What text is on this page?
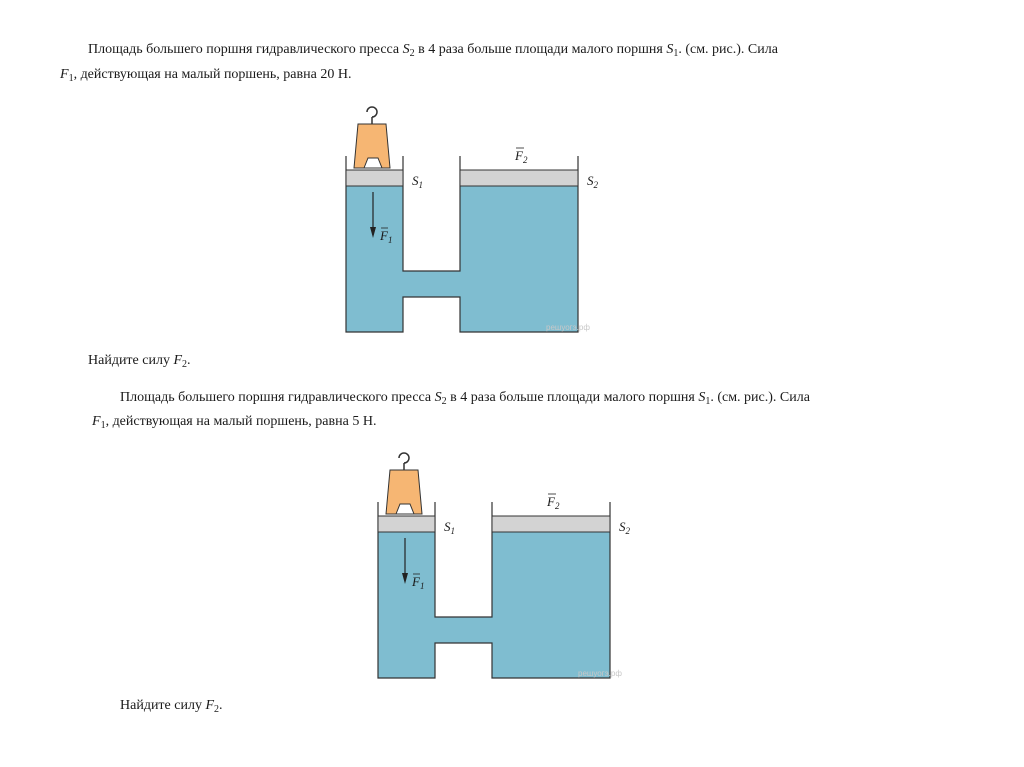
Площадь большего поршня гидравлического пресса $S_2$ в 4 раза больше площади малого поршня $S_1$. (см. рис.). Сила
$F_1$, действующая на малый поршень, равна 20 Н.
$F_1$
$S_1$	$S_2$
$F_2$
решуогэ.рф
Найдите силу $F_2$.
Площадь большего поршня гидравлического пресса $S_2$ в 4 раза больше площади малого поршня $S_1$. (см. рис.). Сила
$F_1$, действующая на малый поршень, равна 5 Н.
$F_1$
$S_1$	$S_2$
$F_2$
решуогэ.рф
Найдите силу $F_2$.
